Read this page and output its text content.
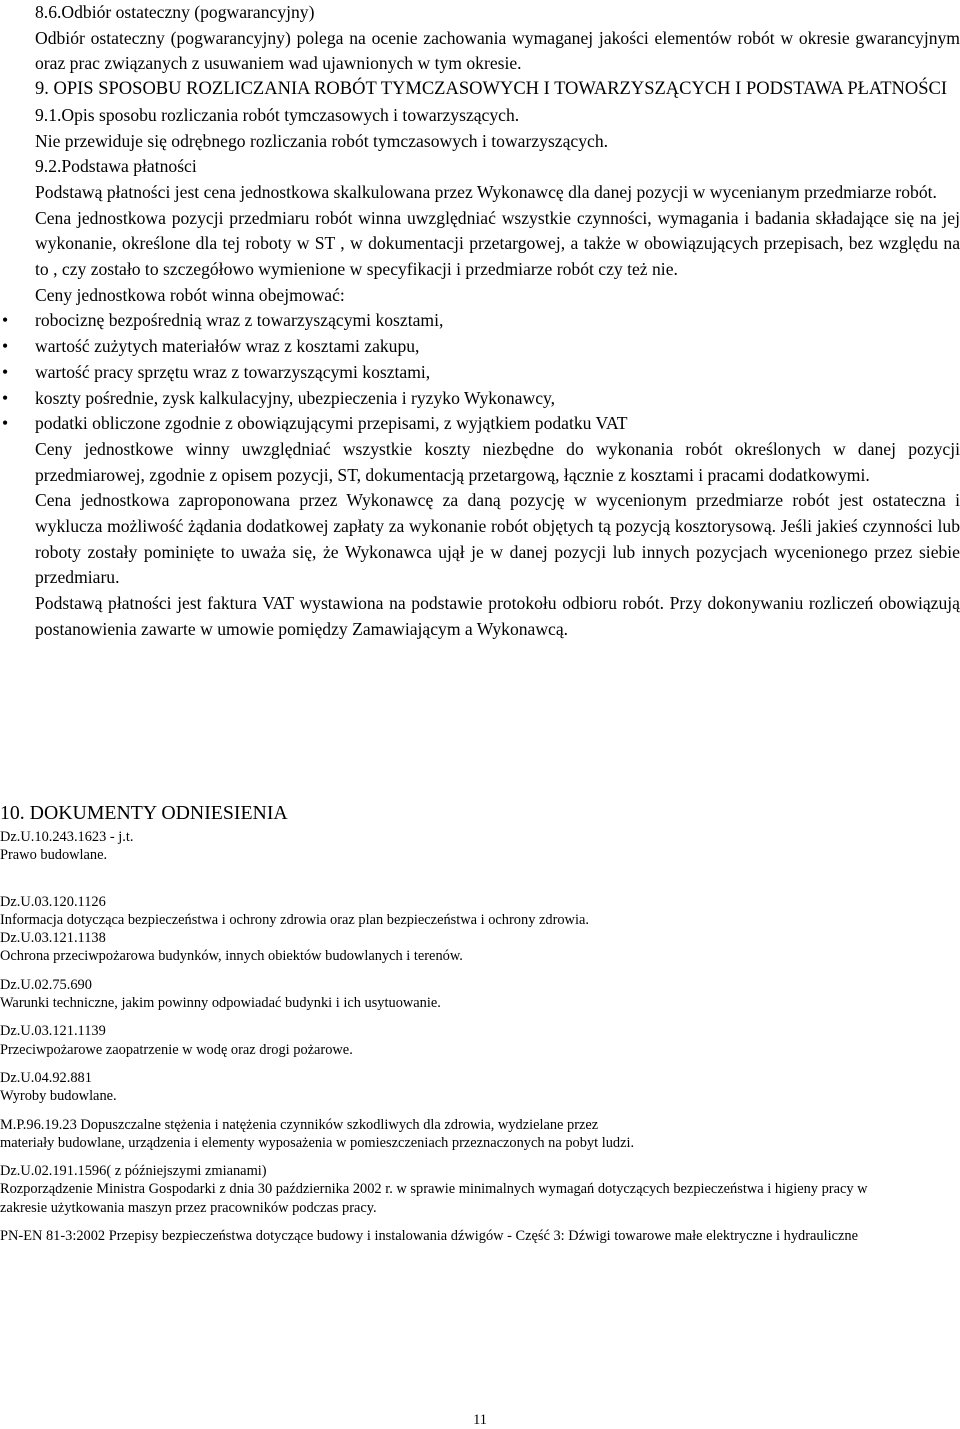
8.6.Odbiór ostateczny (pogwarancyjny)
Odbiór ostateczny (pogwarancyjny) polega na ocenie zachowania wymaganej jakości elementów robót w okresie gwarancyjnym oraz prac związanych z usuwaniem wad ujawnionych w tym okresie.
9. OPIS SPOSOBU ROZLICZANIA ROBÓT TYMCZASOWYCH I TOWARZYSZĄCYCH I PODSTAWA PŁATNOŚCI
9.1.Opis sposobu rozliczania robót tymczasowych i towarzyszących.
Nie przewiduje się odrębnego rozliczania robót tymczasowych i towarzyszących.
9.2.Podstawa płatności
Podstawą płatności jest cena jednostkowa skalkulowana przez Wykonawcę dla danej pozycji w wycenianym przedmiarze robót.
Cena jednostkowa pozycji przedmiaru robót winna uwzględniać wszystkie czynności, wymagania i badania składające się na jej wykonanie, określone dla tej roboty w ST , w dokumentacji przetargowej, a także w obowiązujących przepisach, bez względu na to , czy zostało to szczegółowo wymienione w specyfikacji i przedmiarze robót czy też nie.
Ceny jednostkowa robót winna obejmować:
• robociznę bezpośrednią wraz z towarzyszącymi kosztami,
• wartość zużytych materiałów wraz z kosztami zakupu,
• wartość pracy sprzętu wraz z towarzyszącymi kosztami,
• koszty pośrednie, zysk kalkulacyjny, ubezpieczenia i ryzyko Wykonawcy,
• podatki obliczone zgodnie z obowiązującymi przepisami, z wyjątkiem podatku VAT
Ceny jednostkowe winny uwzględniać wszystkie koszty niezbędne do wykonania robót określonych w danej pozycji przedmiarowej, zgodnie z opisem pozycji, ST, dokumentacją przetargową, łącznie z kosztami i pracami dodatkowymi.
Cena jednostkowa zaproponowana przez Wykonawcę za daną pozycję w wycenionym przedmiarze robót jest ostateczna i wyklucza możliwość żądania dodatkowej zapłaty za wykonanie robót objętych tą pozycją kosztorysową. Jeśli jakieś czynności lub roboty zostały pominięte to uważa się, że Wykonawca ujął je w danej pozycji lub innych pozycjach wycenionego przez siebie przedmiaru.
Podstawą płatności jest faktura VAT wystawiona na podstawie protokołu odbioru robót. Przy dokonywaniu rozliczeń obowiązują postanowienia zawarte w umowie pomiędzy Zamawiającym a Wykonawcą.
10. DOKUMENTY ODNIESIENIA
Dz.U.10.243.1623 - j.t.
Prawo budowlane.
Dz.U.03.120.1126
Informacja dotycząca bezpieczeństwa i ochrony zdrowia oraz plan bezpieczeństwa i ochrony zdrowia.
Dz.U.03.121.1138
Ochrona przeciwpożarowa budynków, innych obiektów budowlanych i terenów.
Dz.U.02.75.690
Warunki techniczne, jakim powinny odpowiadać budynki i ich usytuowanie.
Dz.U.03.121.1139
Przeciwpożarowe zaopatrzenie w wodę oraz drogi pożarowe.
Dz.U.04.92.881
Wyroby budowlane.
M.P.96.19.23 Dopuszczalne stężenia i natężenia czynników szkodliwych dla zdrowia, wydzielane przez materiały budowlane, urządzenia i elementy wyposażenia w pomieszczeniach przeznaczonych na pobyt ludzi.
Dz.U.02.191.1596( z późniejszymi zmianami)
Rozporządzenie Ministra Gospodarki z dnia 30 października 2002 r. w sprawie minimalnych wymagań dotyczących bezpieczeństwa i higieny pracy w zakresie użytkowania maszyn przez pracowników podczas pracy.
PN-EN 81-3:2002 Przepisy bezpieczeństwa dotyczące budowy i instalowania dźwigów - Część 3: Dźwigi towarowe małe elektryczne i hydrauliczne
11
